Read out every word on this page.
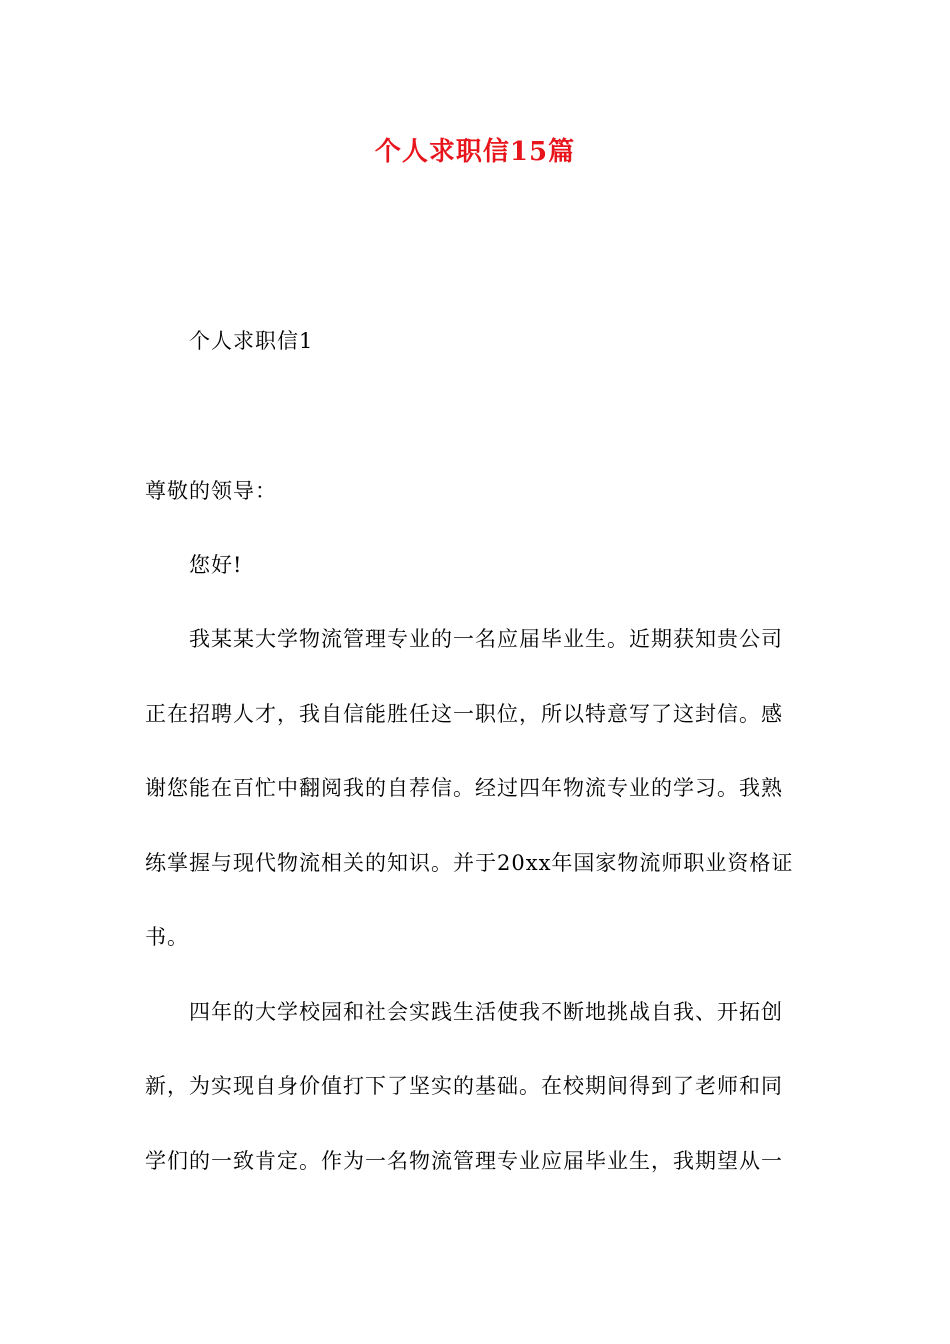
个人求职信15篇
个人求职信1
尊敬的领导：
您好!
我某某大学物流管理专业的一名应届毕业生。近期获知贵公司
正在招聘人才，我自信能胜任这一职位，所以特意写了这封信。感
谢您能在百忙中翻阅我的自荐信。经过四年物流专业的学习。我熟
练掌握与现代物流相关的知识。并于20xx年国家物流师职业资格证
书。
四年的大学校园和社会实践生活使我不断地挑战自我、开拓创
新，为实现自身价值打下了坚实的基础。在校期间得到了老师和同
学们的一致肯定。作为一名物流管理专业应届毕业生，我期望从一
